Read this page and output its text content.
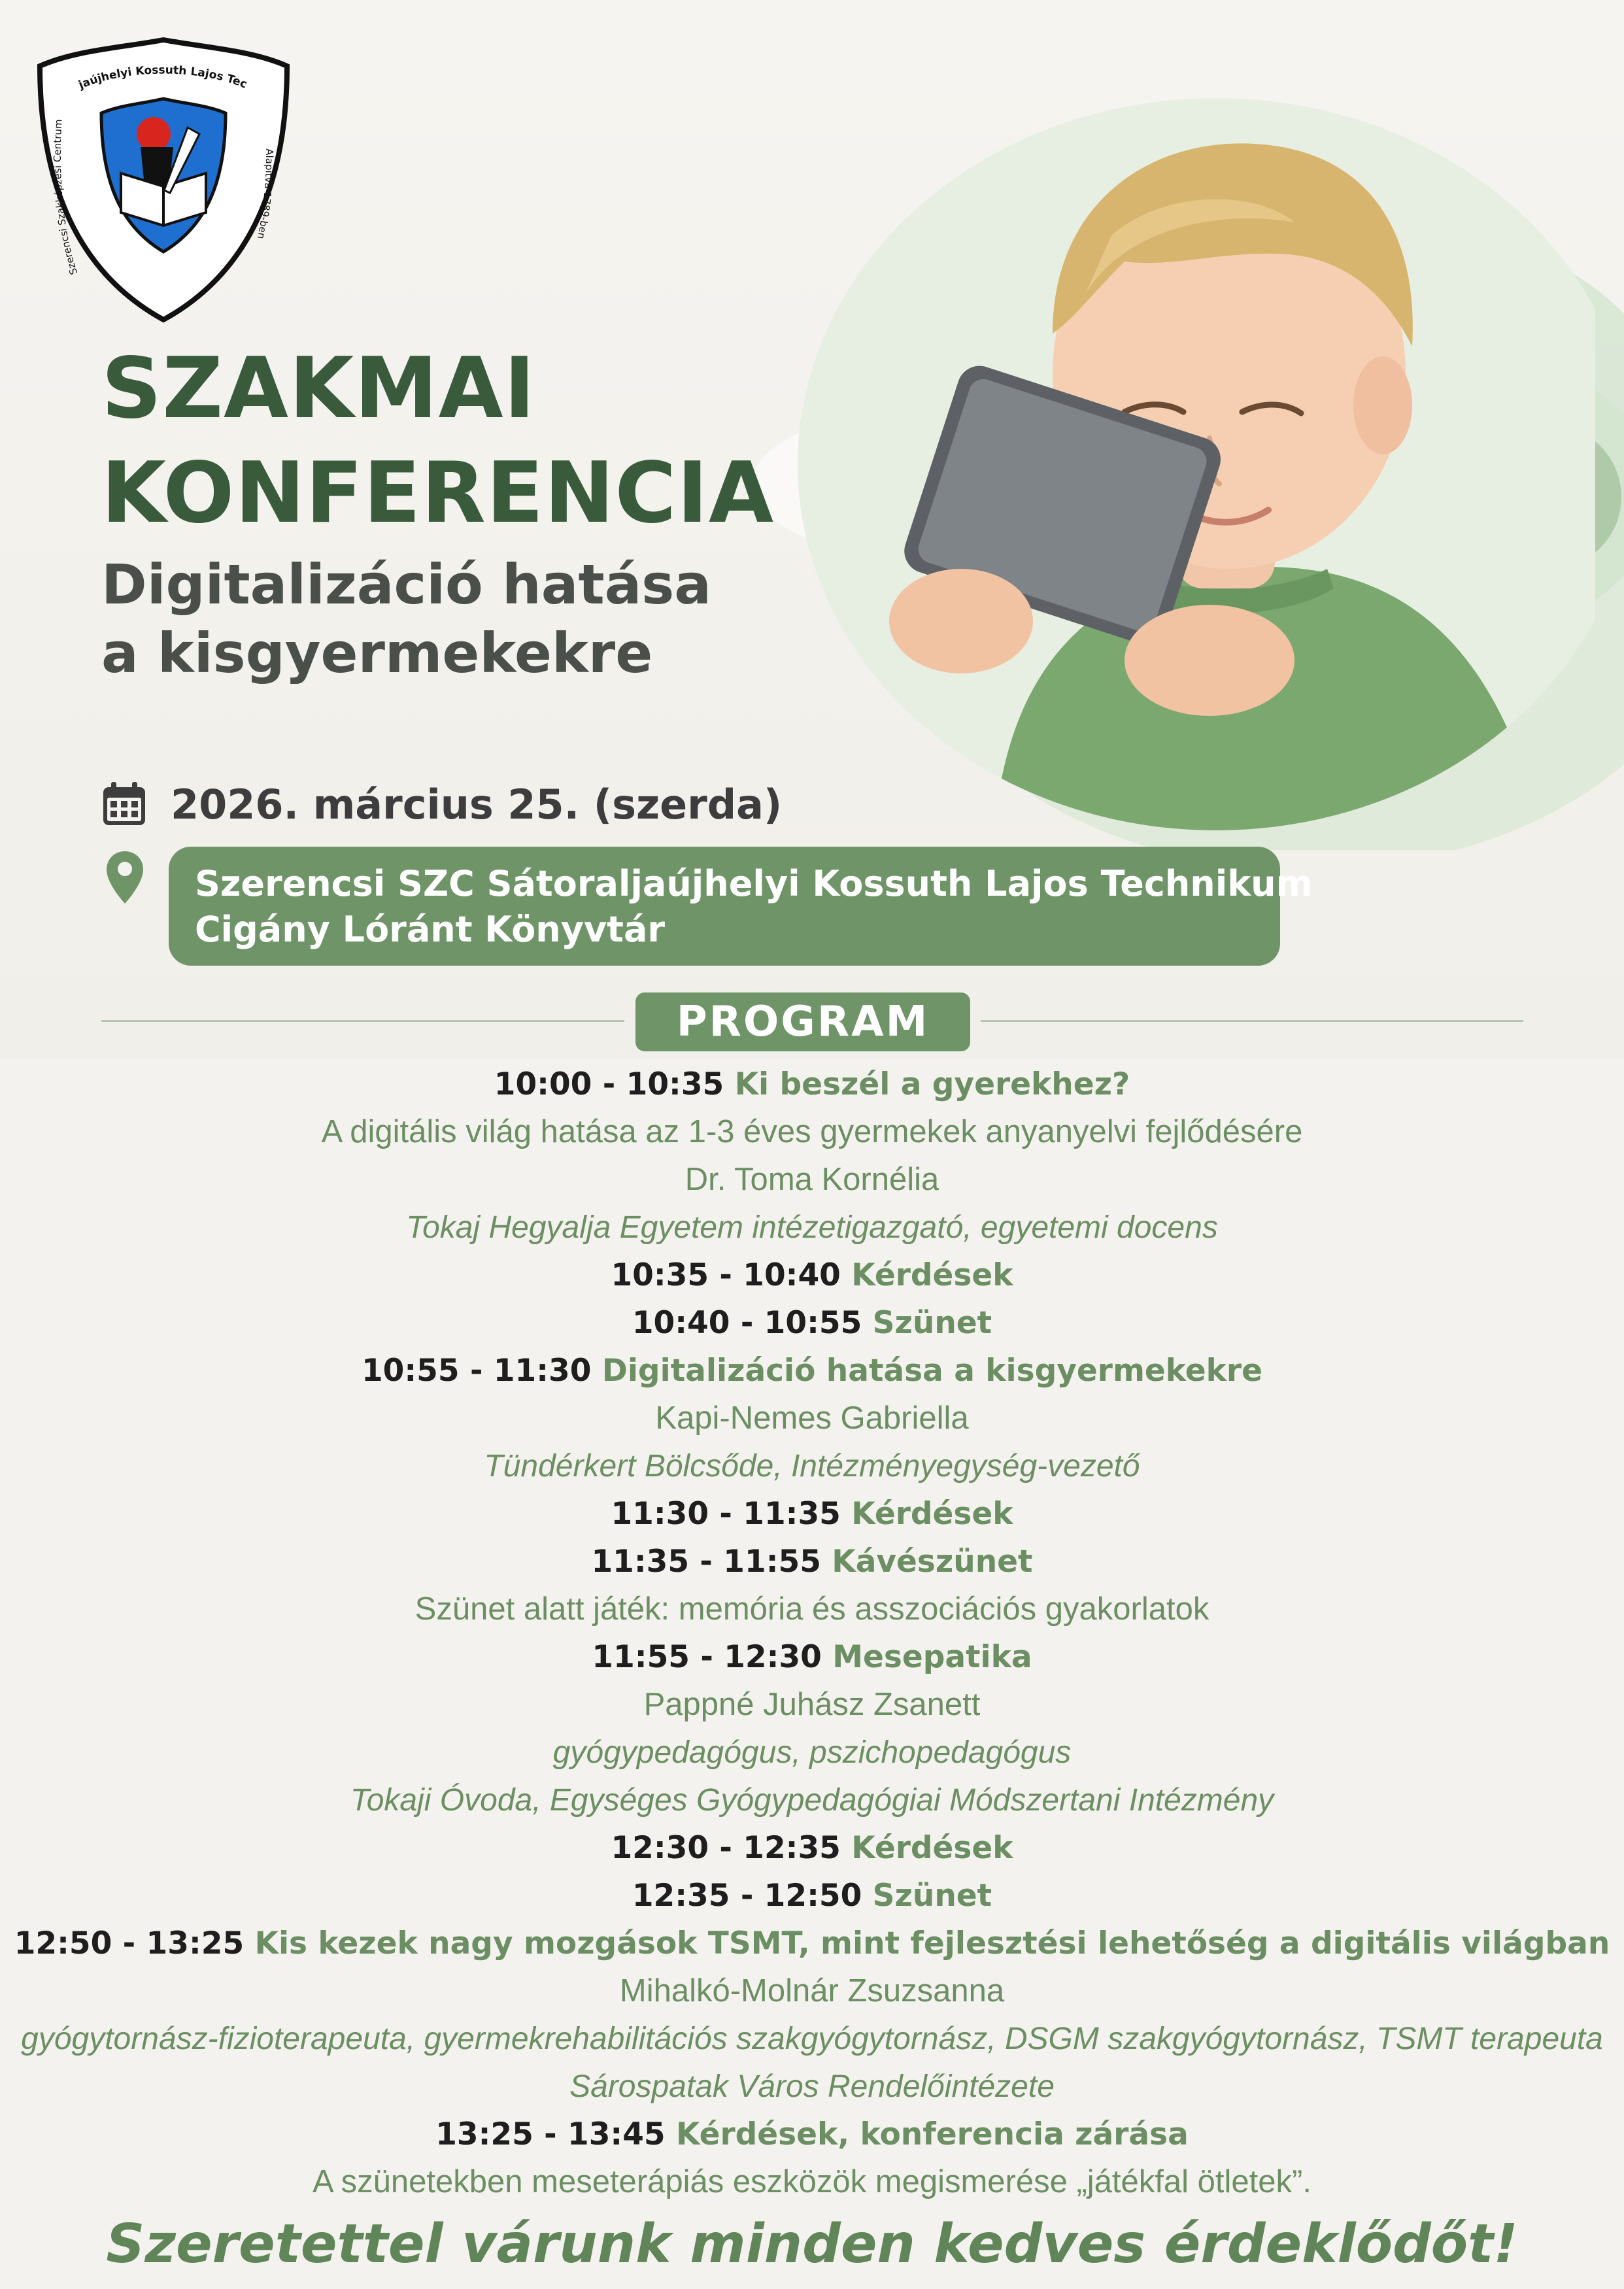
jaújhelyi Kossuth Lajos Tec
Szerencsi Szakképzési Centrum
Alapítva 1789-ben
SZAKMAI
KONFERENCIA
Digitalizáció hatása
a kisgyermekekre
2026. március 25. (szerda)
Szerencsi SZC Sátoraljaújhelyi Kossuth Lajos Technikum
Cigány Lóránt Könyvtár
PROGRAM

10:00 - 10:35 Ki beszél a gyerekhez?

A digitális világ hatása az 1-3 éves gyermekek anyanyelvi fejlődésére

Dr. Toma Kornélia

Tokaj Hegyalja Egyetem intézetigazgató, egyetemi docens

10:35 - 10:40 Kérdések

10:40 - 10:55 Szünet

10:55 - 11:30 Digitalizáció hatása a kisgyermekekre

Kapi-Nemes Gabriella

Tündérkert Bölcsőde, Intézményegység-vezető

11:30 - 11:35 Kérdések

11:35 - 11:55 Kávészünet

Szünet alatt játék: memória és asszociációs gyakorlatok

11:55 - 12:30 Mesepatika

Pappné Juhász Zsanett

gyógypedagógus, pszichopedagógus

Tokaji Óvoda, Egységes Gyógypedagógiai Módszertani Intézmény

12:30 - 12:35 Kérdések

12:35 - 12:50 Szünet

12:50 - 13:25 Kis kezek nagy mozgások TSMT, mint fejlesztési lehetőség a digitális világban

Mihalkó-Molnár Zsuzsanna

gyógytornász-fizioterapeuta, gyermekrehabilitációs szakgyógytornász, DSGM szakgyógytornász, TSMT terapeuta

Sárospatak Város Rendelőintézete

13:25 - 13:45 Kérdések, konferencia zárása

A szünetekben meseterápiás eszközök megismerése „játékfal ötletek”.

Szeretettel várunk minden kedves érdeklődőt!
